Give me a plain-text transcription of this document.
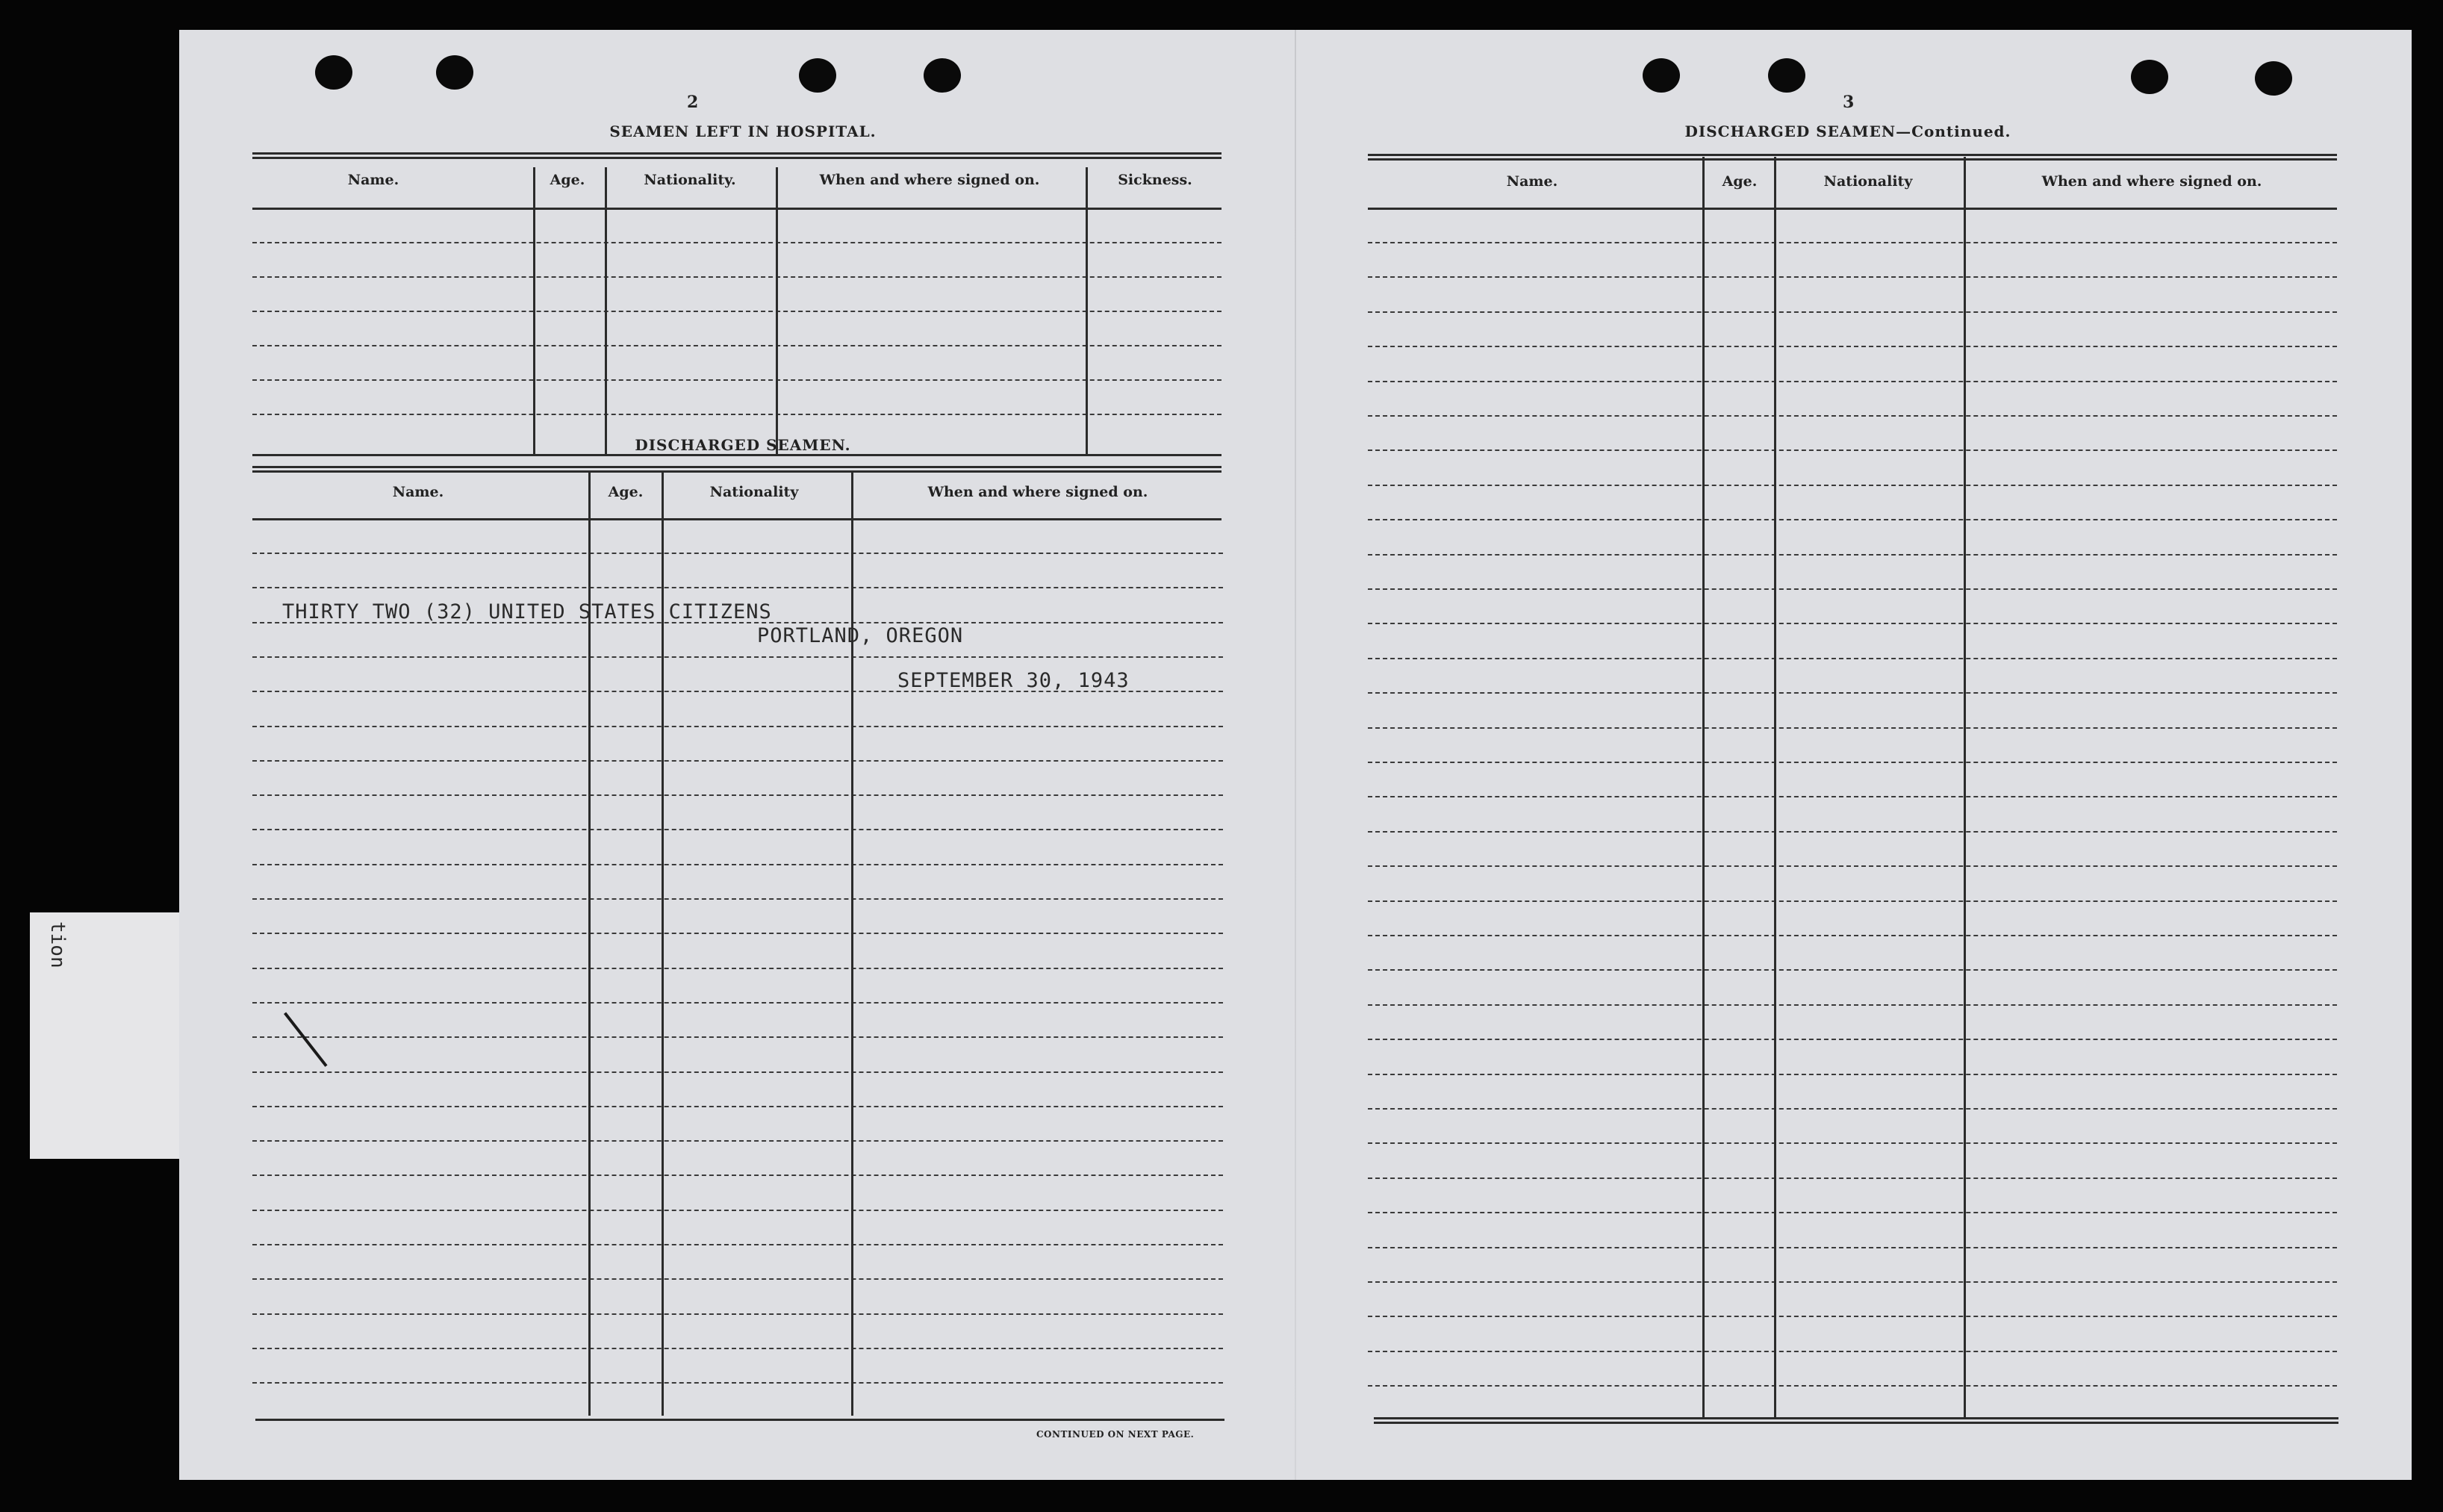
tion
2
SEAMEN LEFT IN HOSPITAL.
Name.	Age.	Nationality.	When and where signed on.	Sickness.
DISCHARGED SEAMEN.
Name.	Age.	Nationality	When and where signed on.
THIRTY TWO (32) UNITED STATES CITIZENS
PORTLAND, OREGON
SEPTEMBER 30, 1943
CONTINUED ON NEXT PAGE.
3
DISCHARGED SEAMEN—Continued.
Name.	Age.	Nationality	When and where signed on.
